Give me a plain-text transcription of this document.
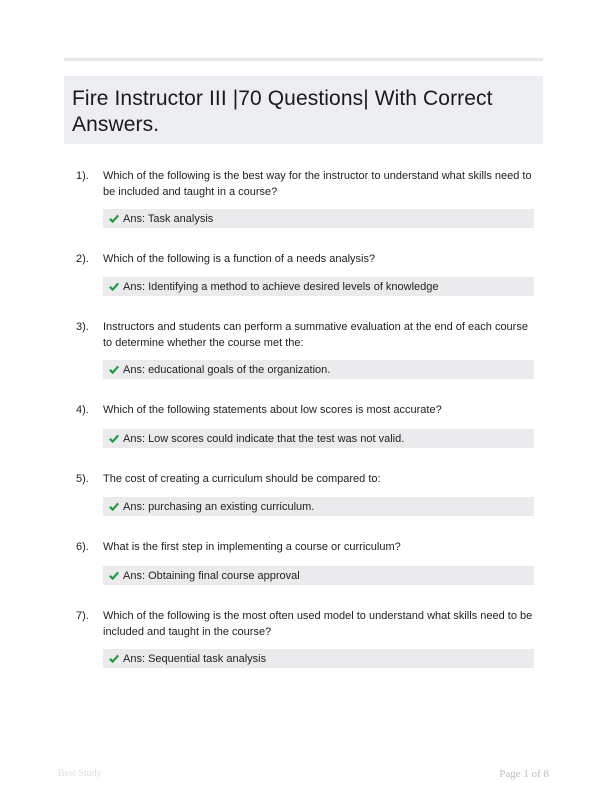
Fire Instructor III |70 Questions| With Correct Answers.
1). Which of the following is the best way for the instructor to understand what skills need to be included and taught in a course?
Ans: Task analysis
2). Which of the following is a function of a needs analysis?
Ans: Identifying a method to achieve desired levels of knowledge
3). Instructors and students can perform a summative evaluation at the end of each course to determine whether the course met the:
Ans: educational goals of the organization.
4). Which of the following statements about low scores is most accurate?
Ans: Low scores could indicate that the test was not valid.
5). The cost of creating a curriculum should be compared to:
Ans: purchasing an existing curriculum.
6). What is the first step in implementing a course or curriculum?
Ans: Obtaining final course approval
7). Which of the following is the most often used model to understand what skills need to be included and taught in the course?
Ans: Sequential task analysis
Best Study	Page 1 of 8
